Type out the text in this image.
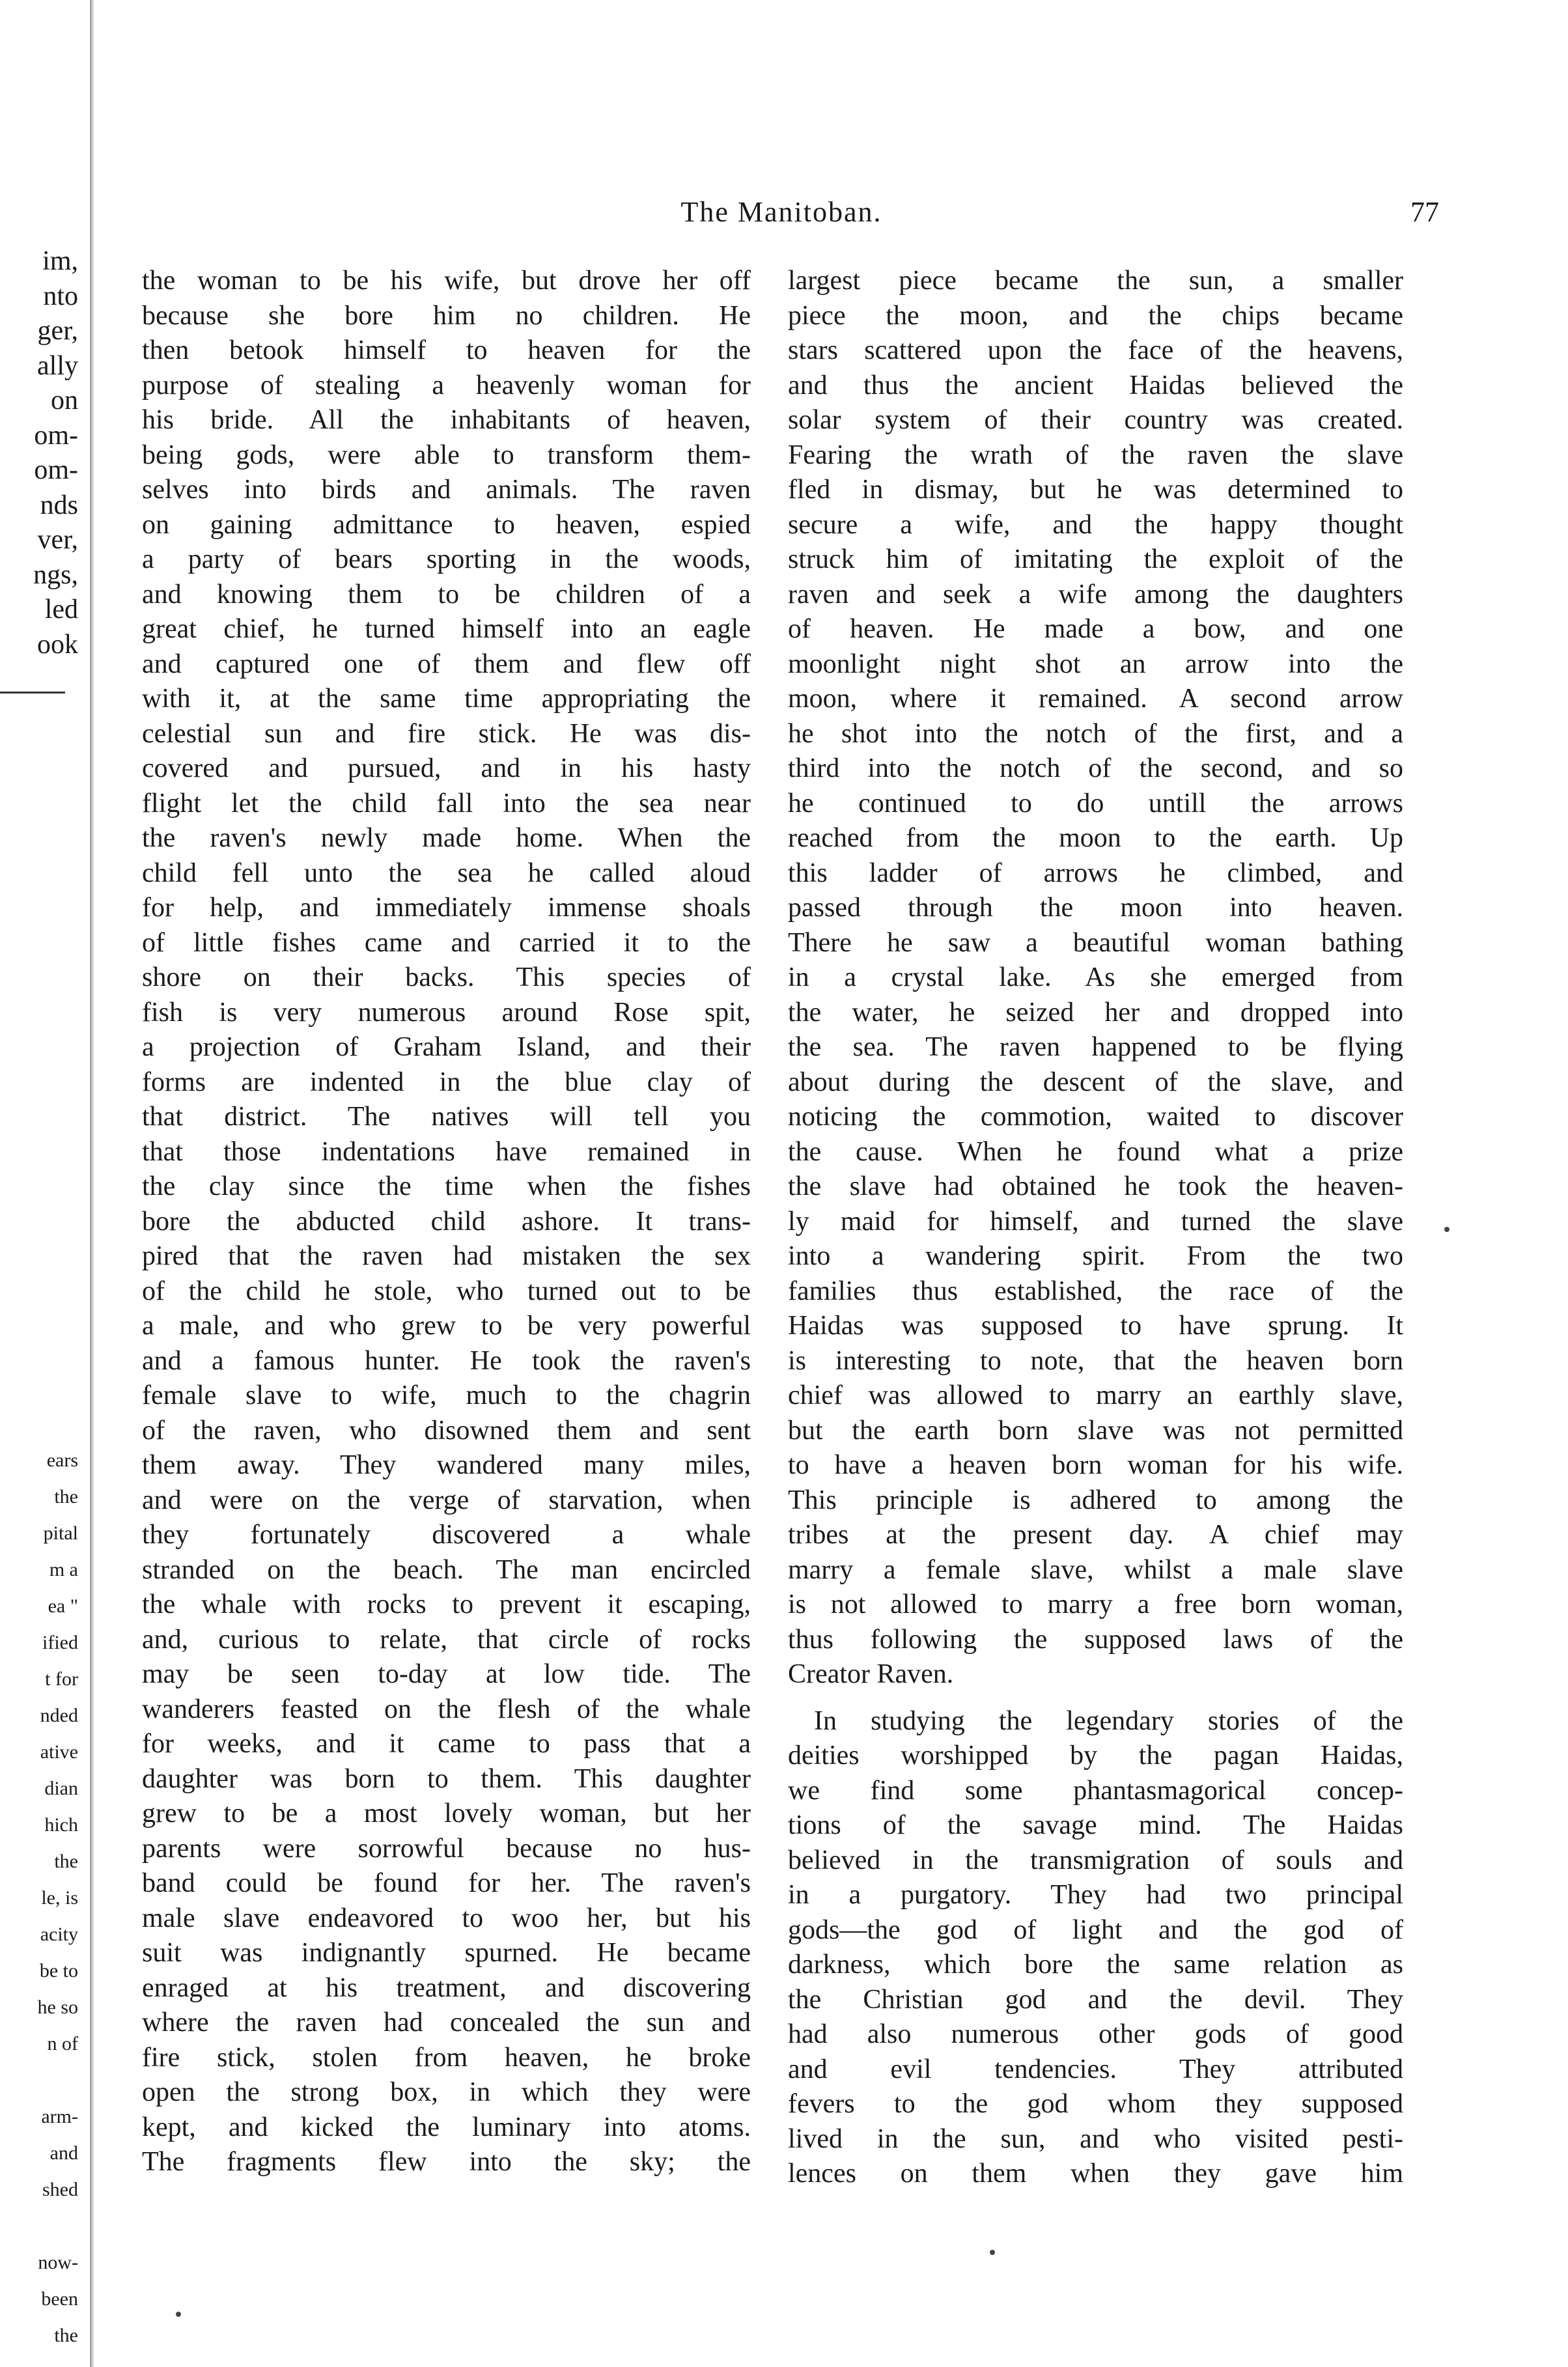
im,
nto
ger,
ally
on
om-
om-
nds
ver,
ngs,
led
ook
ears
the
pital
m a
ea "
ified
t for
nded
ative
dian
hich
the
le, is
acity
be to
he so
n of

arm-
and
shed

now-
been
the
The Manitoban.	77
the woman to be his wife, but drove her off
because she bore him no children. He
then betook himself to heaven for the
purpose of stealing a heavenly woman for
his bride. All the inhabitants of heaven,
being gods, were able to transform them-
selves into birds and animals. The raven
on gaining admittance to heaven, espied
a party of bears sporting in the woods,
and knowing them to be children of a
great chief, he turned himself into an eagle
and captured one of them and flew off
with it, at the same time appropriating the
celestial sun and fire stick. He was dis-
covered and pursued, and in his hasty
flight let the child fall into the sea near
the raven's newly made home. When the
child fell unto the sea he called aloud
for help, and immediately immense shoals
of little fishes came and carried it to the
shore on their backs. This species of
fish is very numerous around Rose spit,
a projection of Graham Island, and their
forms are indented in the blue clay of
that district. The natives will tell you
that those indentations have remained in
the clay since the time when the fishes
bore the abducted child ashore. It trans-
pired that the raven had mistaken the sex
of the child he stole, who turned out to be
a male, and who grew to be very powerful
and a famous hunter. He took the raven's
female slave to wife, much to the chagrin
of the raven, who disowned them and sent
them away. They wandered many miles,
and were on the verge of starvation, when
they fortunately discovered a whale
stranded on the beach. The man encircled
the whale with rocks to prevent it escaping,
and, curious to relate, that circle of rocks
may be seen to-day at low tide. The
wanderers feasted on the flesh of the whale
for weeks, and it came to pass that a
daughter was born to them. This daughter
grew to be a most lovely woman, but her
parents were sorrowful because no hus-
band could be found for her. The raven's
male slave endeavored to woo her, but his
suit was indignantly spurned. He became
enraged at his treatment, and discovering
where the raven had concealed the sun and
fire stick, stolen from heaven, he broke
open the strong box, in which they were
kept, and kicked the luminary into atoms.
The fragments flew into the sky; the
largest piece became the sun, a smaller
piece the moon, and the chips became
stars scattered upon the face of the heavens,
and thus the ancient Haidas believed the
solar system of their country was created.
Fearing the wrath of the raven the slave
fled in dismay, but he was determined to
secure a wife, and the happy thought
struck him of imitating the exploit of the
raven and seek a wife among the daughters
of heaven. He made a bow, and one
moonlight night shot an arrow into the
moon, where it remained. A second arrow
he shot into the notch of the first, and a
third into the notch of the second, and so
he continued to do untill the arrows
reached from the moon to the earth. Up
this ladder of arrows he climbed, and
passed through the moon into heaven.
There he saw a beautiful woman bathing
in a crystal lake. As she emerged from
the water, he seized her and dropped into
the sea. The raven happened to be flying
about during the descent of the slave, and
noticing the commotion, waited to discover
the cause. When he found what a prize
the slave had obtained he took the heaven-
ly maid for himself, and turned the slave
into a wandering spirit. From the two
families thus established, the race of the
Haidas was supposed to have sprung. It
is interesting to note, that the heaven born
chief was allowed to marry an earthly slave,
but the earth born slave was not permitted
to have a heaven born woman for his wife.
This principle is adhered to among the
tribes at the present day. A chief may
marry a female slave, whilst a male slave
is not allowed to marry a free born woman,
thus following the supposed laws of the
Creator Raven.
In studying the legendary stories of the
deities worshipped by the pagan Haidas,
we find some phantasmagorical concep-
tions of the savage mind. The Haidas
believed in the transmigration of souls and
in a purgatory. They had two principal
gods—the god of light and the god of
darkness, which bore the same relation as
the Christian god and the devil. They
had also numerous other gods of good
and evil tendencies. They attributed
fevers to the god whom they supposed
lived in the sun, and who visited pesti-
lences on them when they gave him
